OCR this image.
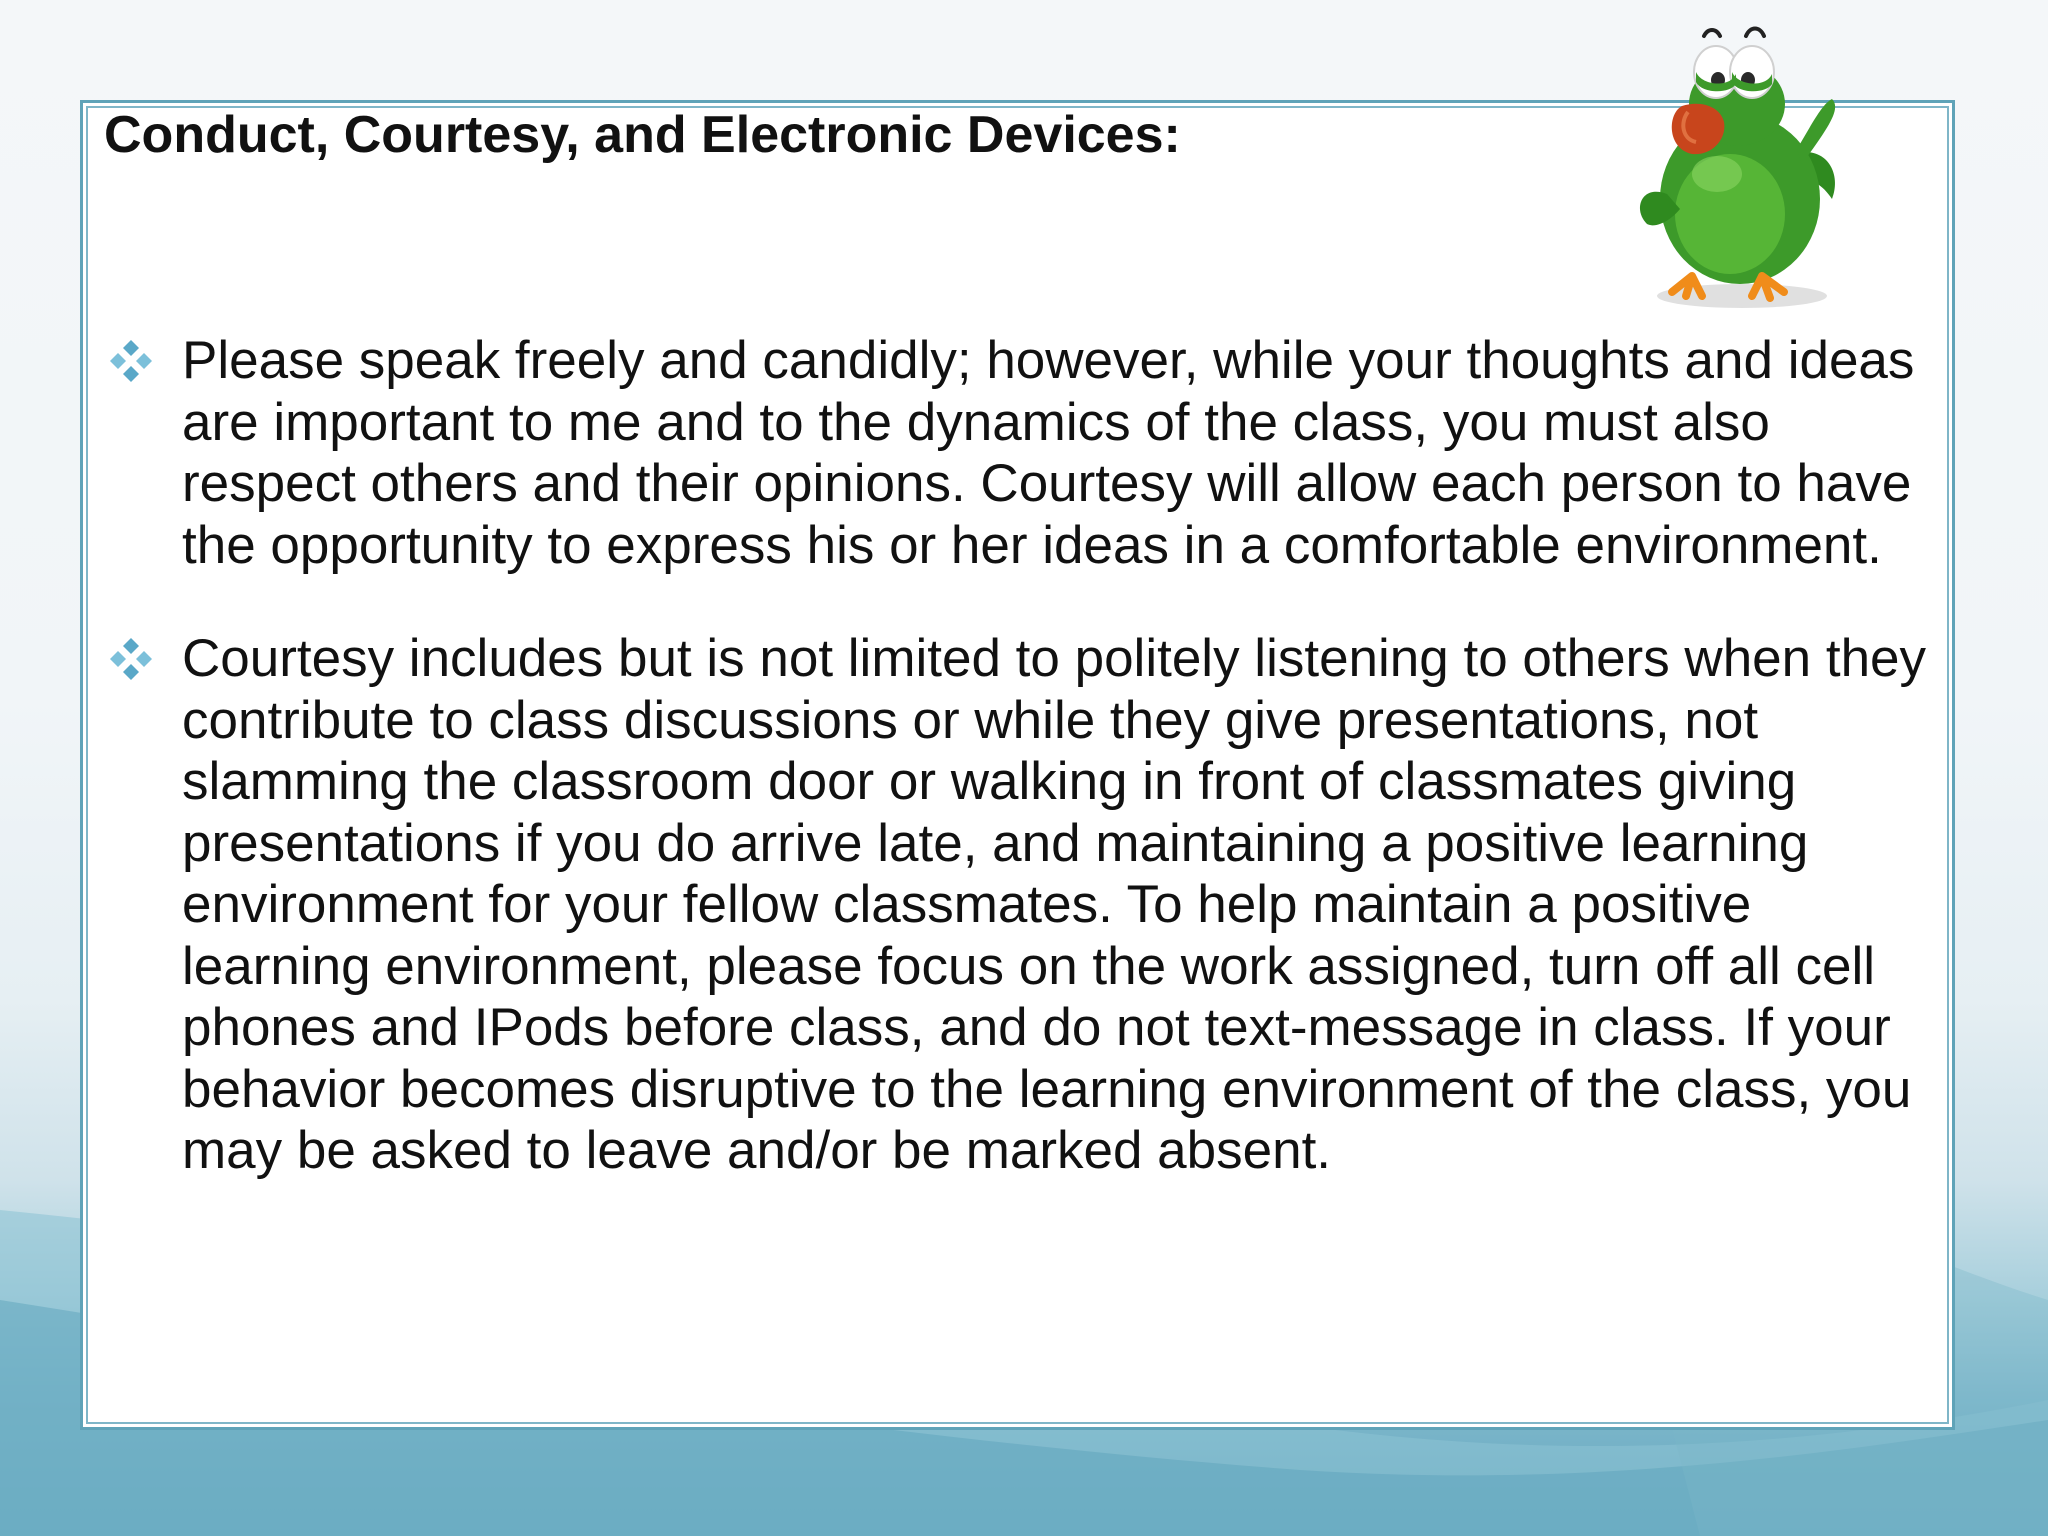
Conduct, Courtesy, and Electronic Devices:
Please speak freely and candidly; however, while your thoughts and ideas are important to me and to the dynamics of the class, you must also respect others and their opinions. Courtesy will allow each person to have the opportunity to express his or her ideas in a comfortable environment.
Courtesy includes but is not limited to politely listening to others when they contribute to class discussions or while they give presentations, not slamming the classroom door or walking in front of classmates giving presentations if you do arrive late, and maintaining a positive learning environment for your fellow classmates. To help maintain a positive learning environment, please focus on the work assigned, turn off all cell phones and IPods before class, and do not text-message in class. If your behavior becomes disruptive to the learning environment of the class, you may be asked to leave and/or be marked absent.
